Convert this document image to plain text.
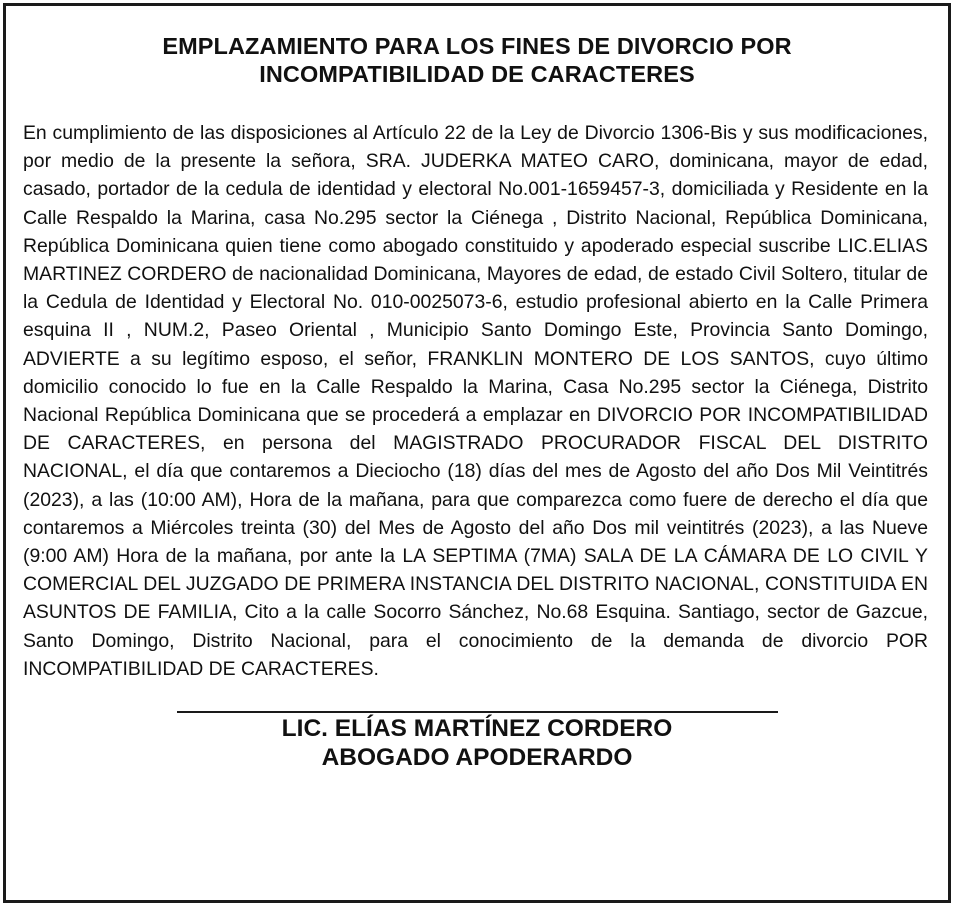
EMPLAZAMIENTO PARA LOS FINES DE DIVORCIO POR
INCOMPATIBILIDAD DE CARACTERES
En cumplimiento de las disposiciones al Artículo 22 de la Ley de Divorcio 1306-Bis y sus modificaciones, por medio de la presente la señora, SRA. JUDERKA MATEO CARO, dominicana, mayor de edad, casado, portador de la cedula de identidad y electoral No.001-1659457-3, domiciliada y Residente en la Calle Respaldo la Marina, casa No.295 sector la Ciénega , Distrito Nacional, República Dominicana, República Dominicana quien tiene como abogado constituido y apoderado especial suscribe LIC.ELIAS MARTINEZ CORDERO de nacionalidad Dominicana, Mayores de edad, de estado Civil Soltero, titular de la Cedula de Identidad y Electoral No. 010-0025073-6, estudio profesional abierto en la Calle Primera esquina II , NUM.2, Paseo Oriental , Municipio Santo Domingo Este, Provincia Santo Domingo, ADVIERTE a su legítimo esposo, el señor, FRANKLIN MONTERO DE LOS SANTOS, cuyo último domicilio conocido lo fue en la Calle Respaldo la Marina, Casa No.295 sector la Ciénega, Distrito Nacional República Dominicana que se procederá a emplazar en DIVORCIO POR INCOMPATIBILIDAD DE CARACTERES, en persona del MAGISTRADO PROCURADOR FISCAL DEL DISTRITO NACIONAL, el día que contaremos a Dieciocho (18) días del mes de Agosto del año Dos Mil Veintitrés (2023), a las (10:00 AM), Hora de la mañana, para que comparezca como fuere de derecho el día que contaremos a Miércoles treinta (30) del Mes de Agosto del año Dos mil veintitrés (2023), a las Nueve (9:00 AM) Hora de la mañana, por ante la LA SEPTIMA (7MA) SALA DE LA CÁMARA DE LO CIVIL Y COMERCIAL DEL JUZGADO DE PRIMERA INSTANCIA DEL DISTRITO NACIONAL, CONSTITUIDA EN ASUNTOS DE FAMILIA, Cito a la calle Socorro Sánchez, No.68 Esquina. Santiago, sector de Gazcue, Santo Domingo, Distrito Nacional, para el conocimiento de la demanda de divorcio POR INCOMPATIBILIDAD DE CARACTERES.
LIC. ELÍAS MARTÍNEZ CORDERO
ABOGADO APODERARDO
